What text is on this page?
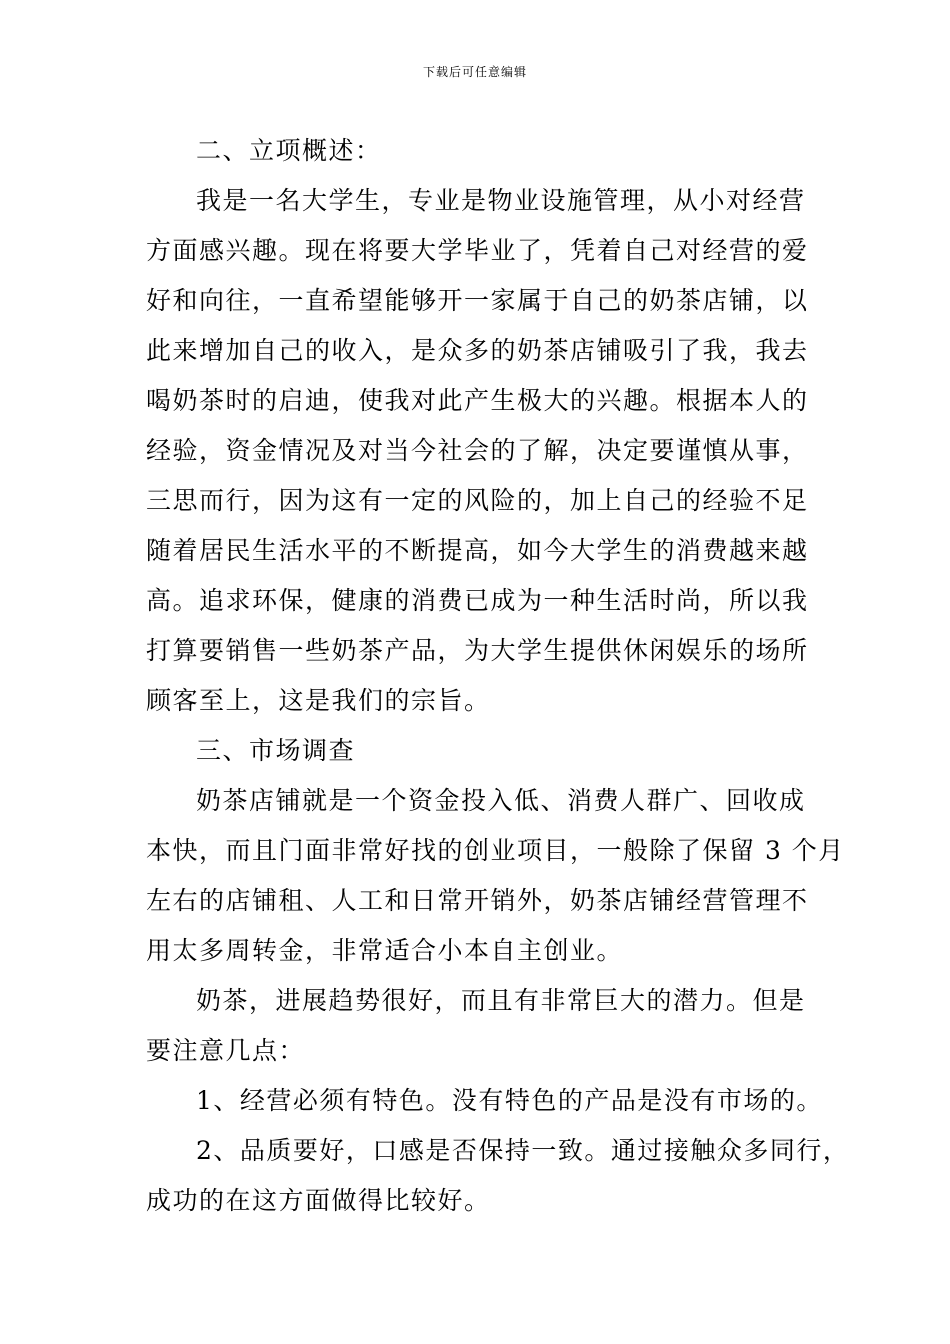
下载后可任意编辑
二、立项概述：
我是一名大学生，专业是物业设施管理，从小对经营
方面感兴趣。现在将要大学毕业了，凭着自己对经营的爱
好和向往，一直希望能够开一家属于自己的奶茶店铺，以
此来增加自己的收入，是众多的奶茶店铺吸引了我，我去
喝奶茶时的启迪，使我对此产生极大的兴趣。根据本人的
经验，资金情况及对当今社会的了解，决定要谨慎从事，
三思而行，因为这有一定的风险的，加上自己的经验不足
随着居民生活水平的不断提高，如今大学生的消费越来越
高。追求环保，健康的消费已成为一种生活时尚，所以我
打算要销售一些奶茶产品，为大学生提供休闲娱乐的场所
顾客至上，这是我们的宗旨。
三、市场调查
奶茶店铺就是一个资金投入低、消费人群广、回收成
本快，而且门面非常好找的创业项目，一般除了保留 3 个月
左右的店铺租、人工和日常开销外，奶茶店铺经营管理不
用太多周转金，非常适合小本自主创业。
奶茶，进展趋势很好，而且有非常巨大的潜力。但是
要注意几点：
1、经营必须有特色。没有特色的产品是没有市场的。
2、品质要好，口感是否保持一致。通过接触众多同行，
成功的在这方面做得比较好。
